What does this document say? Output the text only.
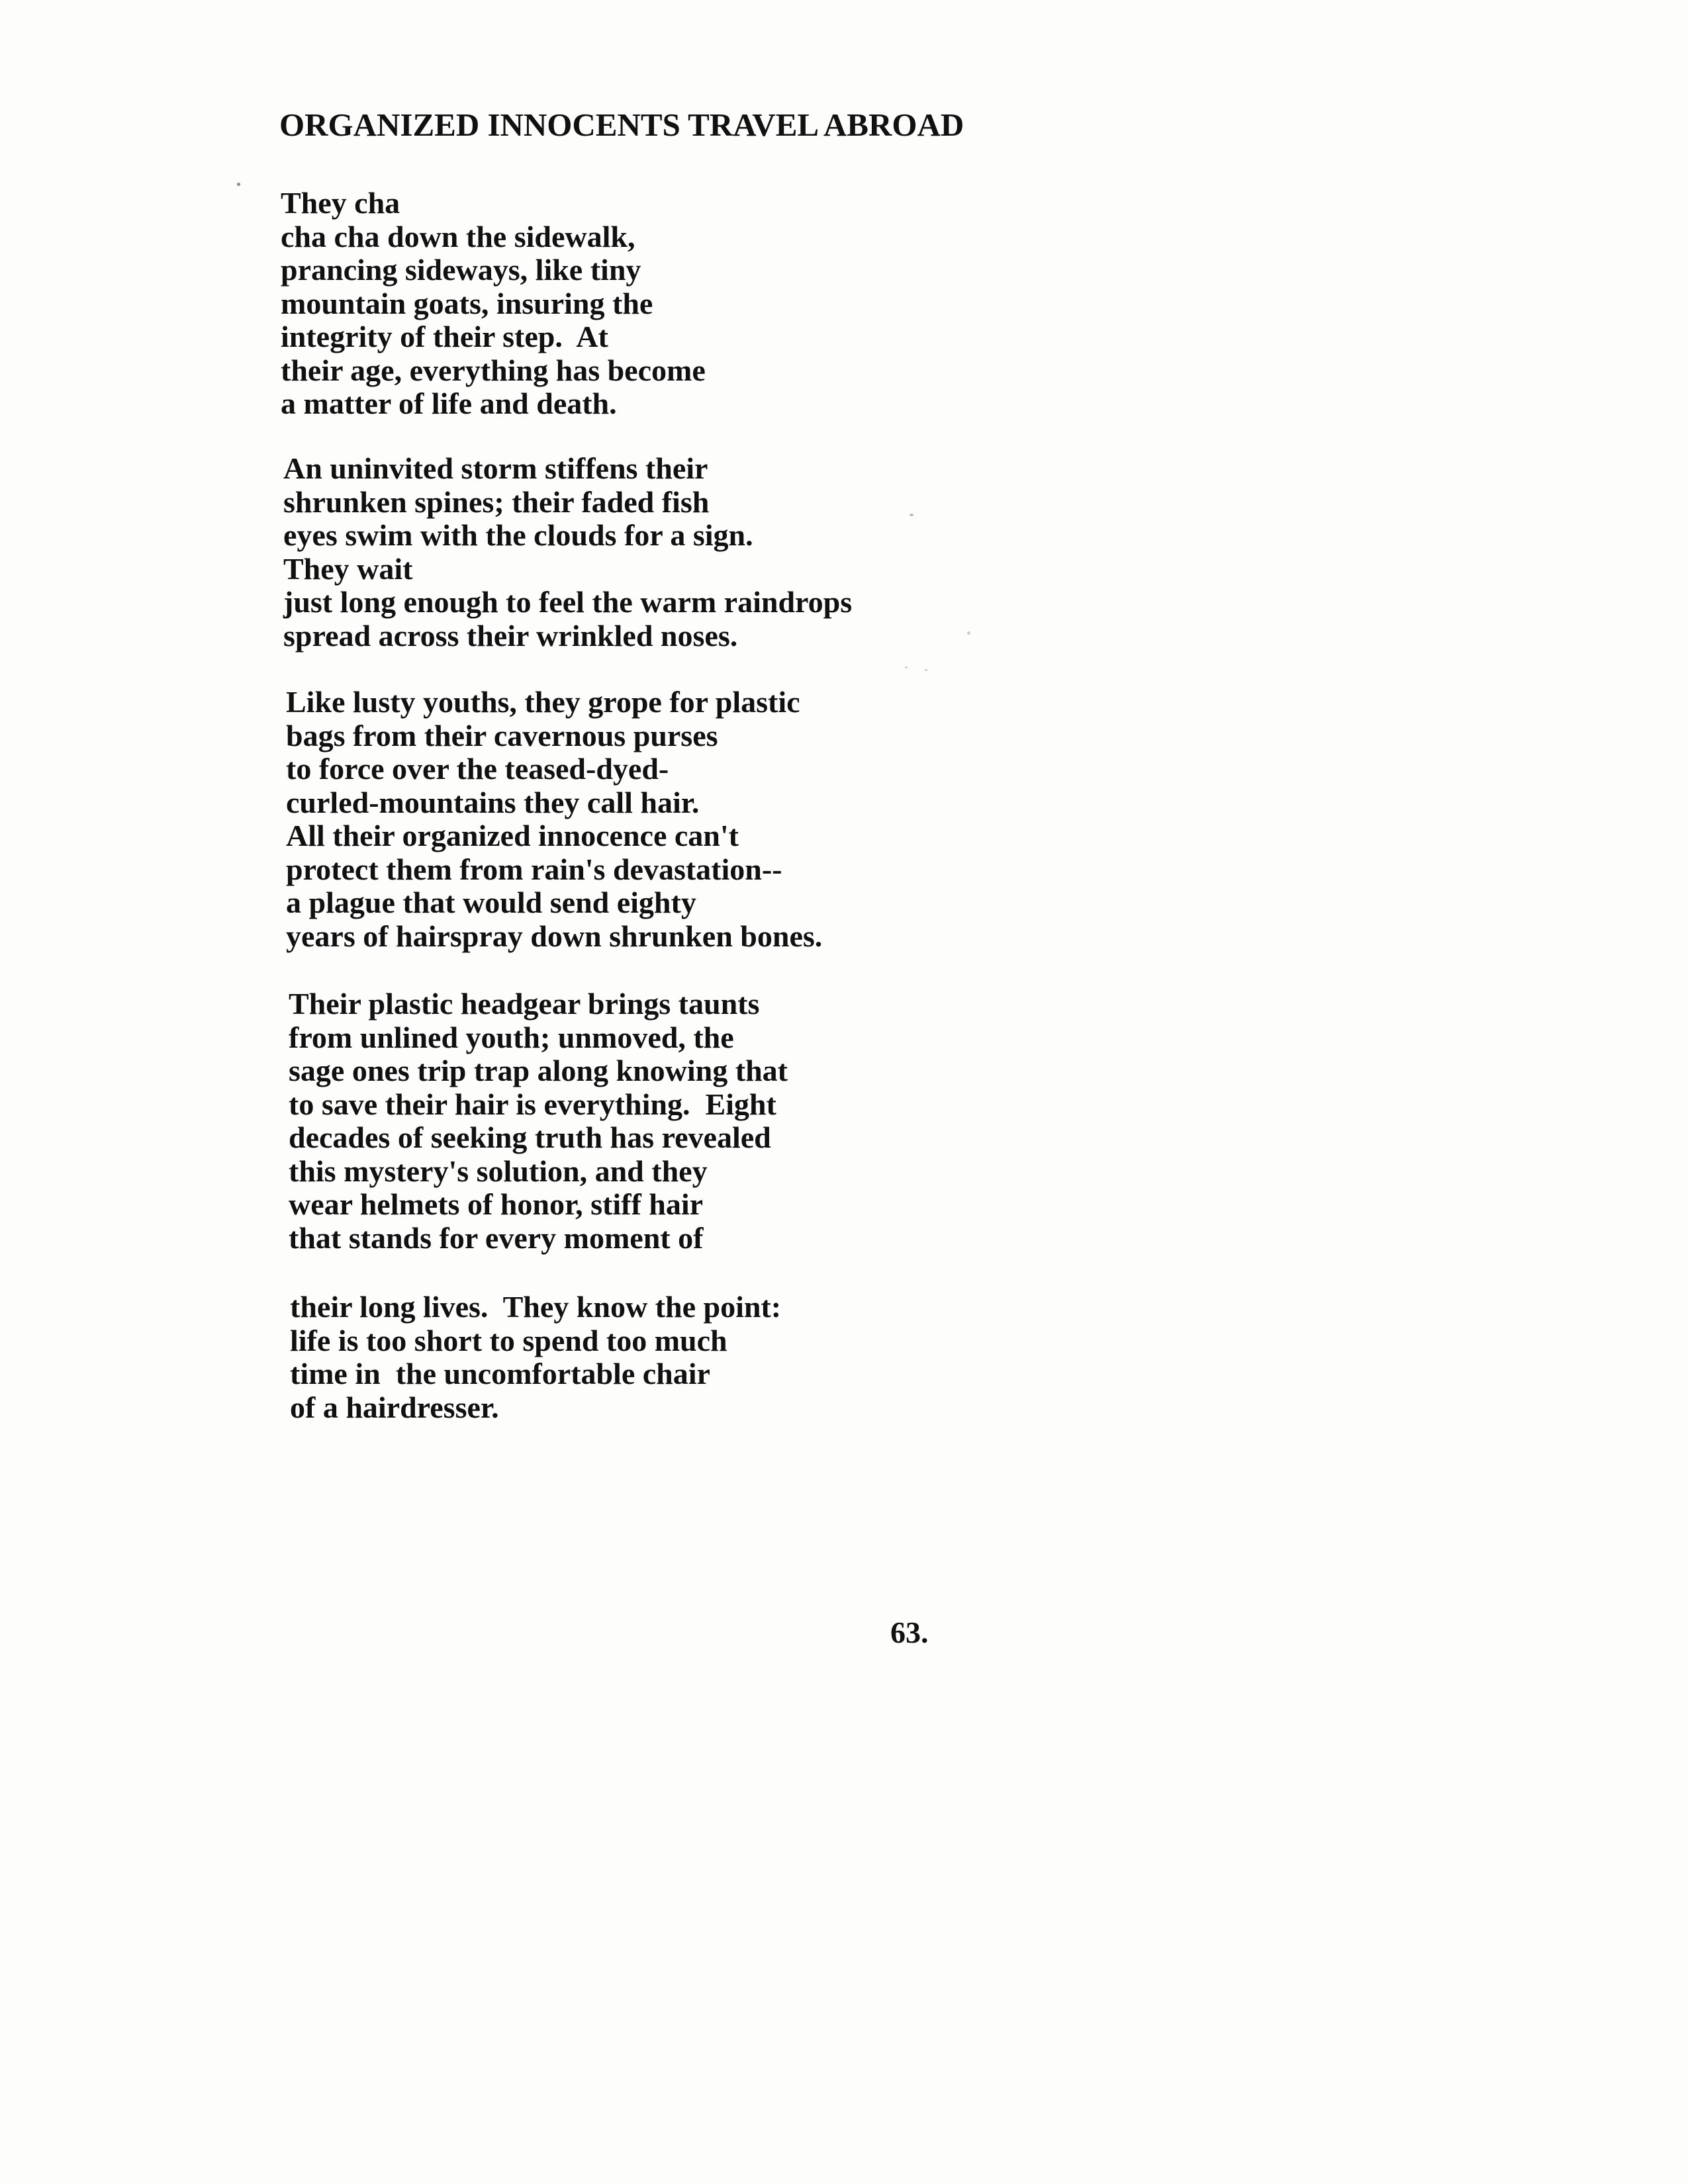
ORGANIZED INNOCENTS TRAVEL ABROAD

They cha
cha cha down the sidewalk,
prancing sideways, like tiny
mountain goats, insuring the
integrity of their step.  At
their age, everything has become
a matter of life and death.

An uninvited storm stiffens their
shrunken spines; their faded fish
eyes swim with the clouds for a sign.
They wait
just long enough to feel the warm raindrops
spread across their wrinkled noses.

Like lusty youths, they grope for plastic
bags from their cavernous purses
to force over the teased-dyed-
curled-mountains they call hair.
All their organized innocence can't
protect them from rain's devastation--
a plague that would send eighty
years of hairspray down shrunken bones.

Their plastic headgear brings taunts
from unlined youth; unmoved, the
sage ones trip trap along knowing that
to save their hair is everything.  Eight
decades of seeking truth has revealed
this mystery's solution, and they
wear helmets of honor, stiff hair
that stands for every moment of

their long lives.  They know the point:
life is too short to spend too much
time in  the uncomfortable chair
of a hairdresser.

63.
